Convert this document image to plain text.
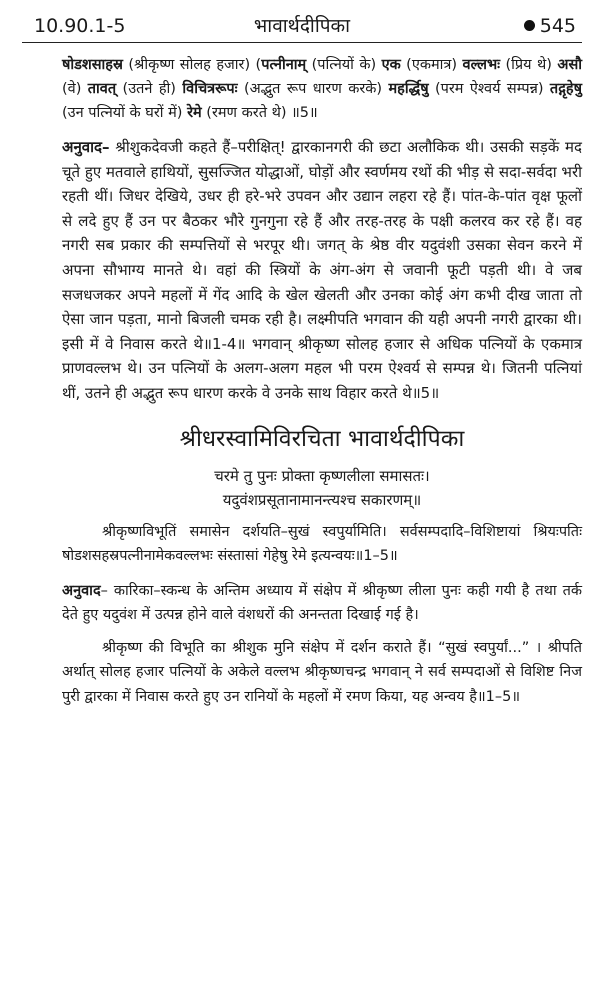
10.90.1-5	भावार्थदीपिका	545

षोडशसाहस्र (श्रीकृष्ण सोलह हजार) (पत्नीनाम् (पत्नियों के) एक (एकमात्र) वल्लभः (प्रिय थे) असौ (वे) तावत् (उतने ही) विचित्ररूपः (अद्भुत रूप धारण करके) महर्द्धिषु (परम ऐश्वर्य सम्पन्न) तद्गृहेषु (उन पत्नियों के घरों में) रेमे (रमण करते थे) ॥5॥

अनुवाद– श्रीशुकदेवजी कहते हैं–परीक्षित्! द्वारकानगरी की छटा अलौकिक थी। उसकी सड़कें मद चूते हुए मतवाले हाथियों, सुसज्जित योद्धाओं, घोड़ों और स्वर्णमय रथों की भीड़ से सदा-सर्वदा भरी रहती थीं। जिधर देखिये, उधर ही हरे-भरे उपवन और उद्यान लहरा रहे हैं। पांत-के-पांत वृक्ष फूलों से लदे हुए हैं उन पर बैठकर भौरे गुनगुना रहे हैं और तरह-तरह के पक्षी कलरव कर रहे हैं। वह नगरी सब प्रकार की सम्पत्तियों से भरपूर थी। जगत् के श्रेष्ठ वीर यदुवंशी उसका सेवन करने में अपना सौभाग्य मानते थे। वहां की स्त्रियों के अंग-अंग से जवानी फूटी पड़ती थी। वे जब सजधजकर अपने महलों में गेंद आदि के खेल खेलती और उनका कोई अंग कभी दीख जाता तो ऐसा जान पड़ता, मानो बिजली चमक रही है। लक्ष्मीपति भगवान की यही अपनी नगरी द्वारका थी। इसी में वे निवास करते थे॥1-4॥ भगवान् श्रीकृष्ण सोलह हजार से अधिक पत्नियों के एकमात्र प्राणवल्लभ थे। उन पत्नियों के अलग-अलग महल भी परम ऐश्वर्य से सम्पन्न थे। जितनी पत्नियां थीं, उतने ही अद्भुत रूप धारण करके वे उनके साथ विहार करते थे॥5॥

श्रीधरस्वामिविरचिता भावार्थदीपिका
चरमे तु पुनः प्रोक्ता कृष्णलीला समासतः।
यदुवंशप्रसूतानामानन्त्यश्च सकारणम्॥

श्रीकृष्णविभूतिं समासेन दर्शयति–सुखं स्वपुर्यामिति। सर्वसम्पदादि–विशिष्टायां श्रियःपतिः षोडशसहस्रपत्नीनामेकवल्लभः संस्तासां गेहेषु रेमे इत्यन्वयः॥1–5॥

अनुवाद– कारिका–स्कन्ध के अन्तिम अध्याय में संक्षेप में श्रीकृष्ण लीला पुनः कही गयी है तथा तर्क देते हुए यदुवंश में उत्पन्न होने वाले वंशधरों की अनन्तता दिखाई गई है।

श्रीकृष्ण की विभूति का श्रीशुक मुनि संक्षेप में दर्शन कराते हैं। “सुखं स्वपुर्यां...” । श्रीपति अर्थात् सोलह हजार पत्नियों के अकेले वल्लभ श्रीकृष्णचन्द्र भगवान् ने सर्व सम्पदाओं से विशिष्ट निज पुरी द्वारका में निवास करते हुए उन रानियों के महलों में रमण किया, यह अन्वय है॥1–5॥
